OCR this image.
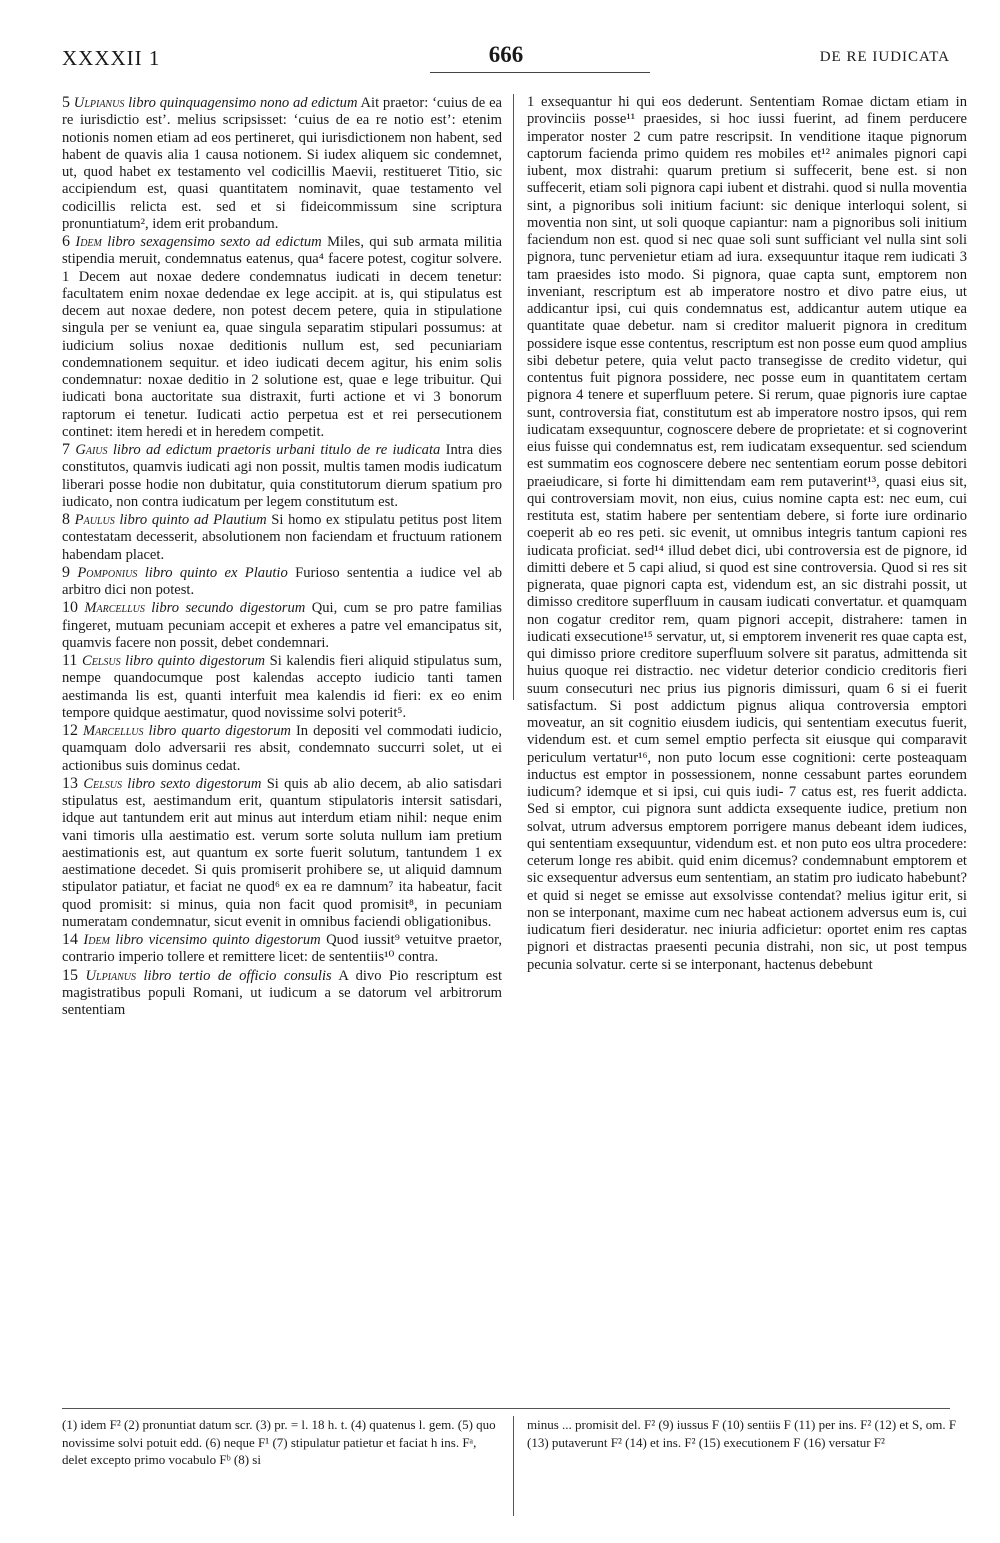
XXXXII 1	666	DE RE IUDICATA

5 Ulpianus libro quinquagensimo nono ad edictum Ait praetor: ‘cuius de ea re iurisdictio est’. melius scripsisset: ‘cuius de ea re notio est’: etenim notionis nomen etiam ad eos pertineret, qui iurisdictionem non habent, sed habent de quavis alia 1 causa notionem. Si iudex aliquem sic condemnet, ut, quod habet ex testamento vel codicillis Maevii, restitueret Titio, sic accipiendum est, quasi quantitatem nominavit, quae testamento vel codicillis relicta est. sed et si fideicommissum sine scriptura pronuntiatum², idem erit probandum.

6 Idem libro sexagensimo sexto ad edictum Miles, qui sub armata militia stipendia meruit, condemnatus eatenus, qua⁴ facere potest, cogitur solvere. 1 Decem aut noxae dedere condemnatus iudicati in decem tenetur: facultatem enim noxae dedendae ex lege accipit. at is, qui stipulatus est decem aut noxae dedere, non potest decem petere, quia in stipulatione singula per se veniunt ea, quae singula separatim stipulari possumus: at iudicium solius noxae deditionis nullum est, sed pecuniariam condemnationem sequitur. et ideo iudicati decem agitur, his enim solis condemnatur: noxae deditio in 2 solutione est, quae e lege tribuitur. Qui iudicati bona auctoritate sua distraxit, furti actione et vi 3 bonorum raptorum ei tenetur. Iudicati actio perpetua est et rei persecutionem continet: item heredi et in heredem competit.

7 Gaius libro ad edictum praetoris urbani titulo de re iudicata Intra dies constitutos, quamvis iudicati agi non possit, multis tamen modis iudicatum liberari posse hodie non dubitatur, quia constitutorum dierum spatium pro iudicato, non contra iudicatum per legem constitutum est.

8 Paulus libro quinto ad Plautium Si homo ex stipulatu petitus post litem contestatam decesserit, absolutionem non faciendam et fructuum rationem habendam placet.

9 Pomponius libro quinto ex Plautio Furioso sententia a iudice vel ab arbitro dici non potest.

10 Marcellus libro secundo digestorum Qui, cum se pro patre familias fingeret, mutuam pecuniam accepit et exheres a patre vel emancipatus sit, quamvis facere non possit, debet condemnari.

11 Celsus libro quinto digestorum Si kalendis fieri aliquid stipulatus sum, nempe quandocumque post kalendas accepto iudicio tanti tamen aestimanda lis est, quanti interfuit mea kalendis id fieri: ex eo enim tempore quidque aestimatur, quod novissime solvi poterit⁵.

12 Marcellus libro quarto digestorum In depositi vel commodati iudicio, quamquam dolo adversarii res absit, condemnato succurri solet, ut ei actionibus suis dominus cedat.

13 Celsus libro sexto digestorum Si quis ab alio decem, ab alio satisdari stipulatus est, aestimandum erit, quantum stipulatoris intersit satisdari, idque aut tantundem erit aut minus aut interdum etiam nihil: neque enim vani timoris ulla aestimatio est. verum sorte soluta nullum iam pretium aestimationis est, aut quantum ex sorte fuerit solutum, tantundem 1 ex aestimatione decedet. Si quis promiserit prohibere se, ut aliquid damnum stipulator patiatur, et faciat ne quod⁶ ex ea re damnum⁷ ita habeatur, facit quod promisit: si minus, quia non facit quod promisit⁸, in pecuniam numeratam condemnatur, sicut evenit in omnibus faciendi obligationibus.

14 Idem libro vicensimo quinto digestorum Quod iussit⁹ vetuitve praetor, contrario imperio tollere et remittere licet: de sententiis¹⁰ contra.

15 Ulpianus libro tertio de officio consulis A divo Pio rescriptum est magistratibus populi Romani, ut iudicum a se datorum vel arbitrorum sententiam

1 exsequantur hi qui eos dederunt. Sententiam Romae dictam etiam in provinciis posse¹¹ praesides, si hoc iussi fuerint, ad finem perducere imperator noster 2 cum patre rescripsit. In venditione itaque pignorum captorum facienda primo quidem res mobiles et¹² animales pignori capi iubent, mox distrahi: quarum pretium si suffecerit, bene est. si non suffecerit, etiam soli pignora capi iubent et distrahi. quod si nulla moventia sint, a pignoribus soli initium faciunt: sic denique interloqui solent, si moventia non sint, ut soli quoque capiantur: nam a pignoribus soli initium faciendum non est. quod si nec quae soli sunt sufficiant vel nulla sint soli pignora, tunc pervenietur etiam ad iura. exsequuntur itaque rem iudicati 3 tam praesides isto modo. Si pignora, quae capta sunt, emptorem non inveniant, rescriptum est ab imperatore nostro et divo patre eius, ut addicantur ipsi, cui quis condemnatus est, addicantur autem utique ea quantitate quae debetur. nam si creditor maluerit pignora in creditum possidere isque esse contentus, rescriptum est non posse eum quod amplius sibi debetur petere, quia velut pacto transegisse de credito videtur, qui contentus fuit pignora possidere, nec posse eum in quantitatem certam pignora 4 tenere et superfluum petere. Si rerum, quae pignoris iure captae sunt, controversia fiat, constitutum est ab imperatore nostro ipsos, qui rem iudicatam exsequuntur, cognoscere debere de proprietate: et si cognoverint eius fuisse qui condemnatus est, rem iudicatam exsequentur. sed sciendum est summatim eos cognoscere debere nec sententiam eorum posse debitori praeiudicare, si forte hi dimittendam eam rem putaverint¹³, quasi eius sit, qui controversiam movit, non eius, cuius nomine capta est: nec eum, cui restituta est, statim habere per sententiam debere, si forte iure ordinario coeperit ab eo res peti. sic evenit, ut omnibus integris tantum capioni res iudicata proficiat. sed¹⁴ illud debet dici, ubi controversia est de pignore, id dimitti debere et 5 capi aliud, si quod est sine controversia. Quod si res sit pignerata, quae pignori capta est, videndum est, an sic distrahi possit, ut dimisso creditore superfluum in causam iudicati convertatur. et quamquam non cogatur creditor rem, quam pignori accepit, distrahere: tamen in iudicati exsecutione¹⁵ servatur, ut, si emptorem invenerit res quae capta est, qui dimisso priore creditore superfluum solvere sit paratus, admittenda sit huius quoque rei distractio. nec videtur deterior condicio creditoris fieri suum consecuturi nec prius ius pignoris dimissuri, quam 6 si ei fuerit satisfactum. Si post addictum pignus aliqua controversia emptori moveatur, an sit cognitio eiusdem iudicis, qui sententiam executus fuerit, videndum est. et cum semel emptio perfecta sit eiusque qui comparavit periculum vertatur¹⁶, non puto locum esse cognitioni: certe posteaquam inductus est emptor in possessionem, nonne cessabunt partes eorundem iudicum? idemque et si ipsi, cui quis iudi- 7 catus est, res fuerit addicta. Sed si emptor, cui pignora sunt addicta exsequente iudice, pretium non solvat, utrum adversus emptorem porrigere manus debeant idem iudices, qui sententiam exsequuntur, videndum est. et non puto eos ultra procedere: ceterum longe res abibit. quid enim dicemus? condemnabunt emptorem et sic exsequentur adversus eum sententiam, an statim pro iudicato habebunt? et quid si neget se emisse aut exsolvisse contendat? melius igitur erit, si non se interponant, maxime cum nec habeat actionem adversus eum is, cui iudicatum fieri desideratur. nec iniuria adficietur: oportet enim res captas pignori et distractas praesenti pecunia distrahi, non sic, ut post tempus pecunia solvatur. certe si se interponant, hactenus debebunt

(1) idem F² (2) pronuntiat datum scr. (3) pr. = l. 18 h. t. (4) quatenus l. gem. (5) quo novissime solvi potuit edd. (6) neque F¹ (7) stipulatur patietur et faciat h ins. Fᵃ, delet excepto primo vocabulo Fᵇ (8) si
minus ... promisit del. F² (9) iussus F (10) sentiis F (11) per ins. F² (12) et S, om. F (13) putaverunt F² (14) et ins. F² (15) executionem F (16) versatur F²
